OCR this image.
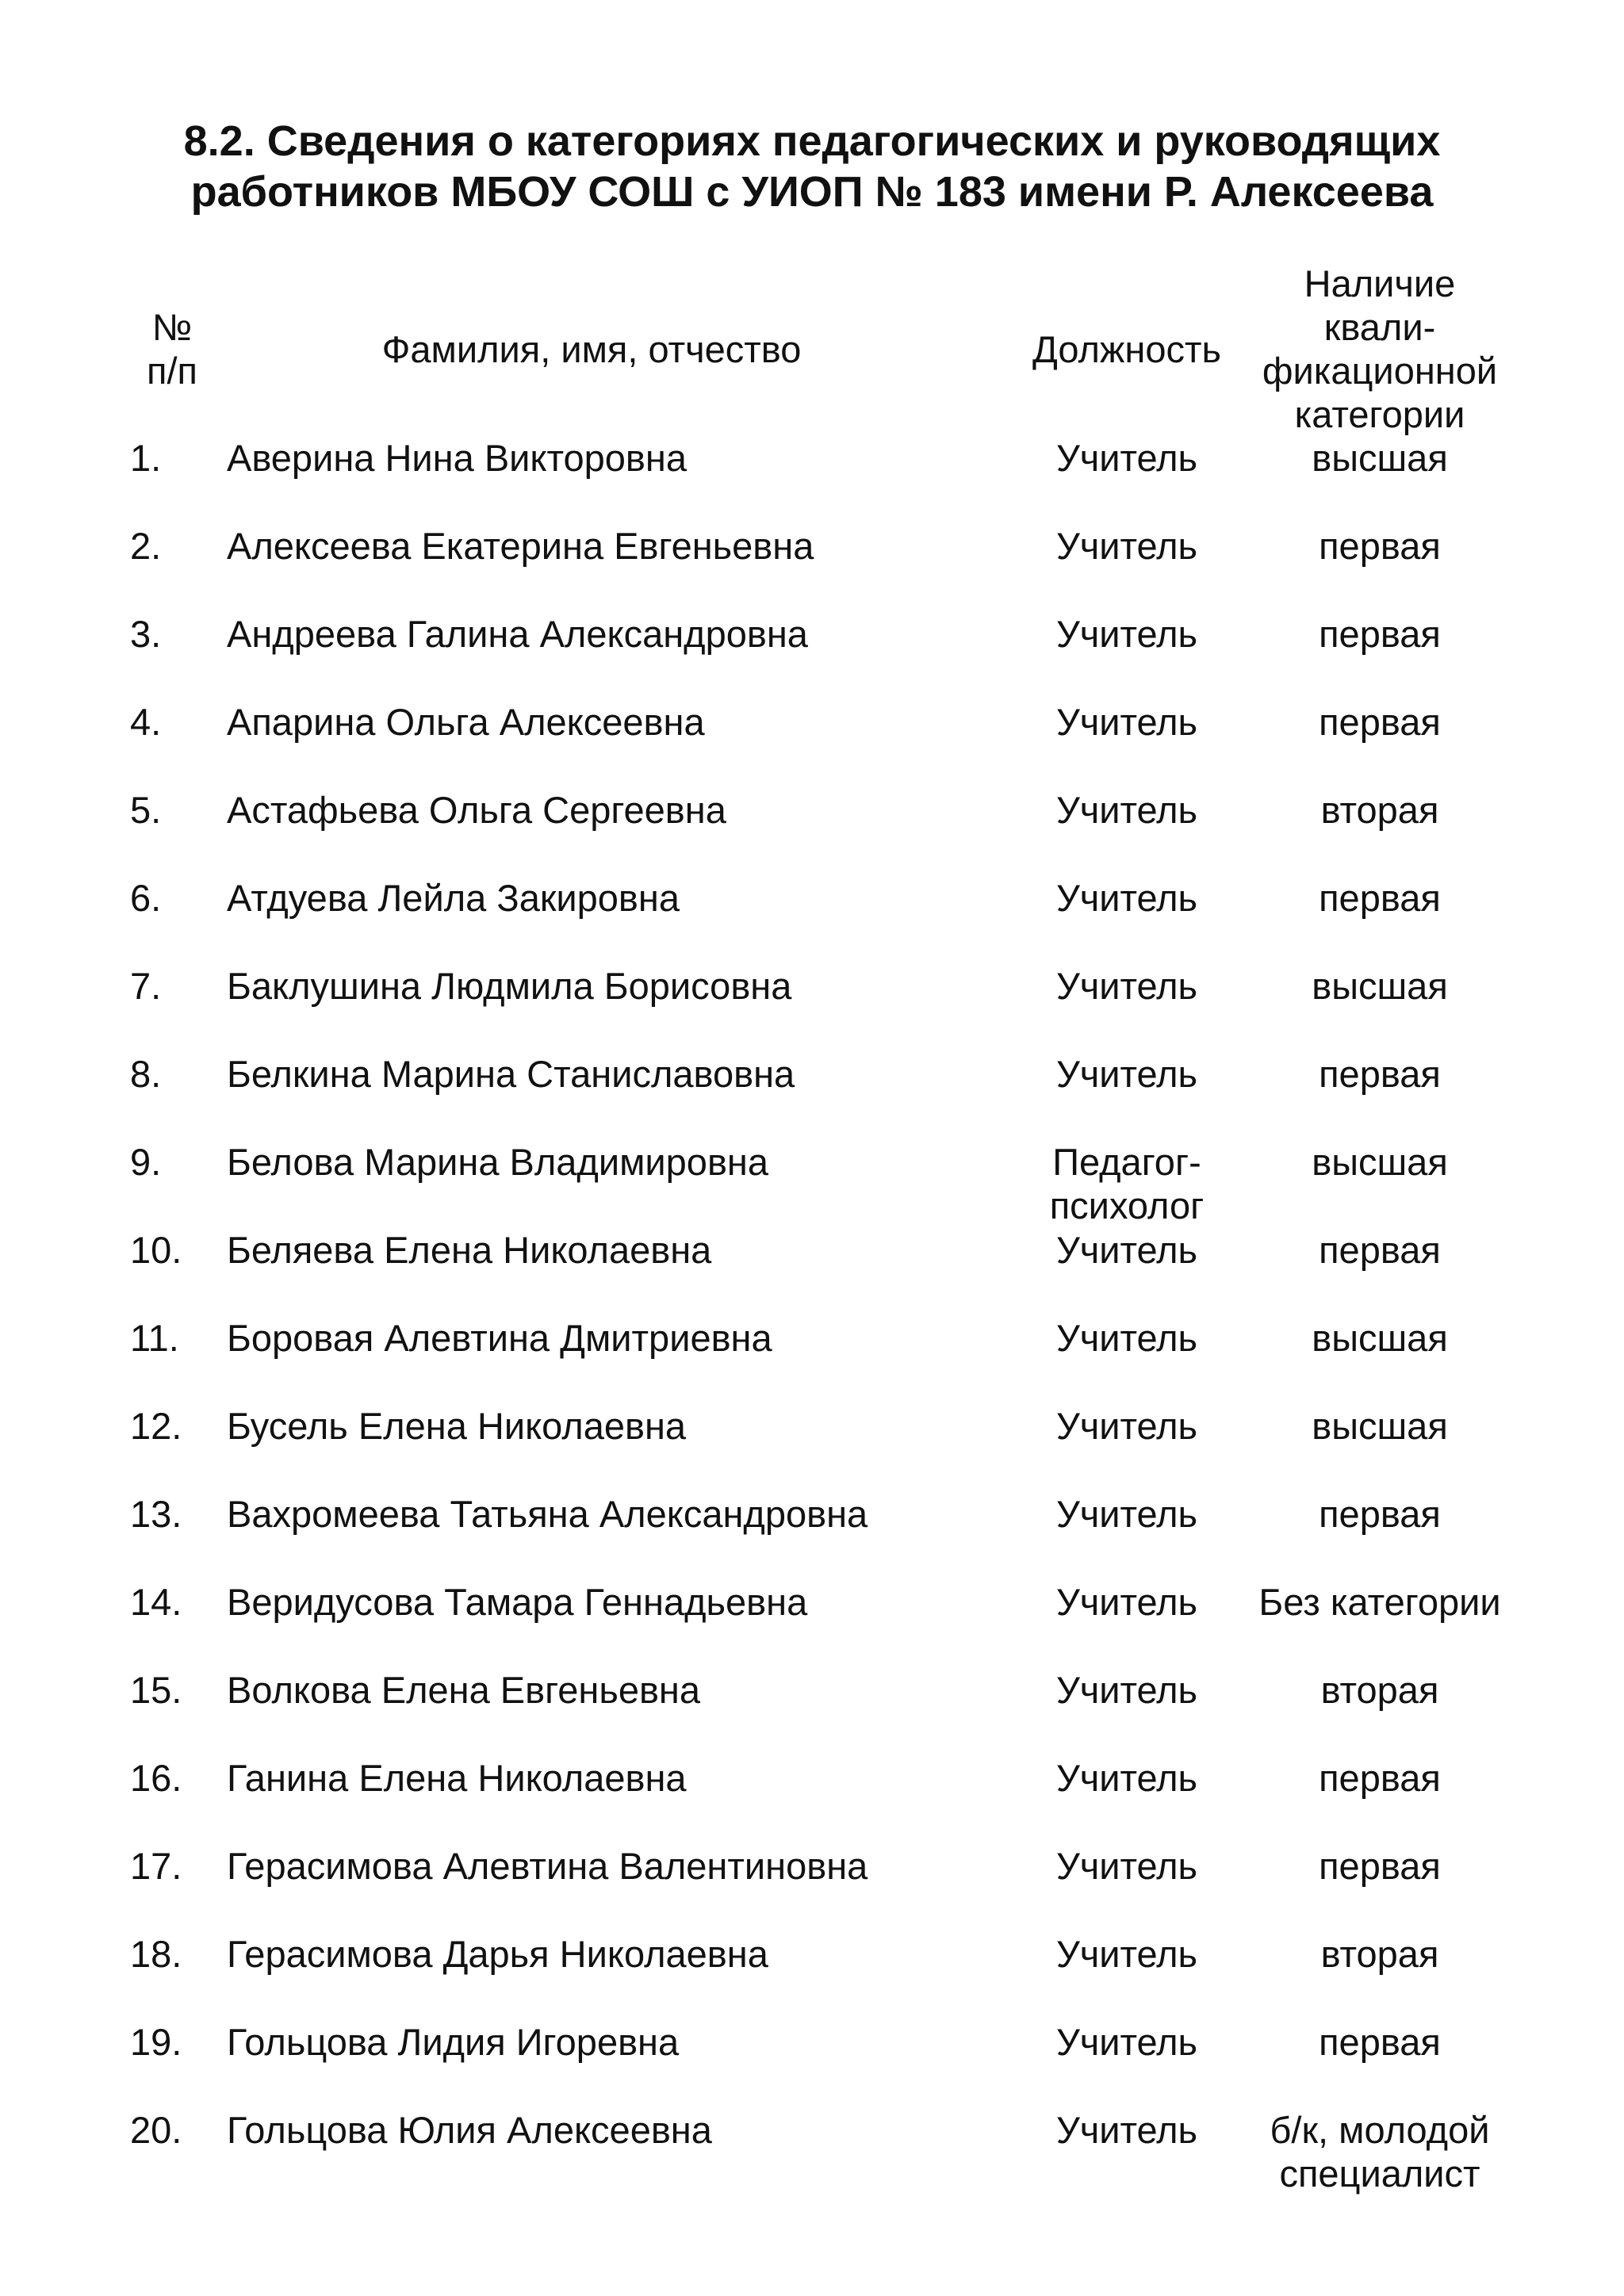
8.2. Сведения о категориях педагогических и руководящих
работников МБОУ СОШ с УИОП № 183 имени Р. Алексеева
№
п/п	Фамилия, имя, отчество	Должность	Наличие квали-
фикационной
категории

1.	Аверина Нина Викторовна	Учитель	высшая
2.	Алексеева Екатерина Евгеньевна	Учитель	первая
3.	Андреева Галина Александровна	Учитель	первая
4.	Апарина Ольга Алексеевна	Учитель	первая
5.	Астафьева Ольга Сергеевна	Учитель	вторая
6.	Атдуева Лейла Закировна	Учитель	первая
7.	Баклушина Людмила Борисовна	Учитель	высшая
8.	Белкина Марина Станиславовна	Учитель	первая
9.	Белова Марина Владимировна	Педагог-психолог	высшая
10.	Беляева Елена Николаевна	Учитель	первая
11.	Боровая Алевтина Дмитриевна	Учитель	высшая
12.	Бусель Елена Николаевна	Учитель	высшая
13.	Вахромеева Татьяна Александровна	Учитель	первая
14.	Веридусова Тамара Геннадьевна	Учитель	Без категории
15.	Волкова Елена Евгеньевна	Учитель	вторая
16.	Ганина Елена Николаевна	Учитель	первая
17.	Герасимова Алевтина Валентиновна	Учитель	первая
18.	Герасимова Дарья Николаевна	Учитель	вторая
19.	Гольцова Лидия Игоревна	Учитель	первая
20.	Гольцова Юлия Алексеевна	Учитель	б/к, молодой специалист
